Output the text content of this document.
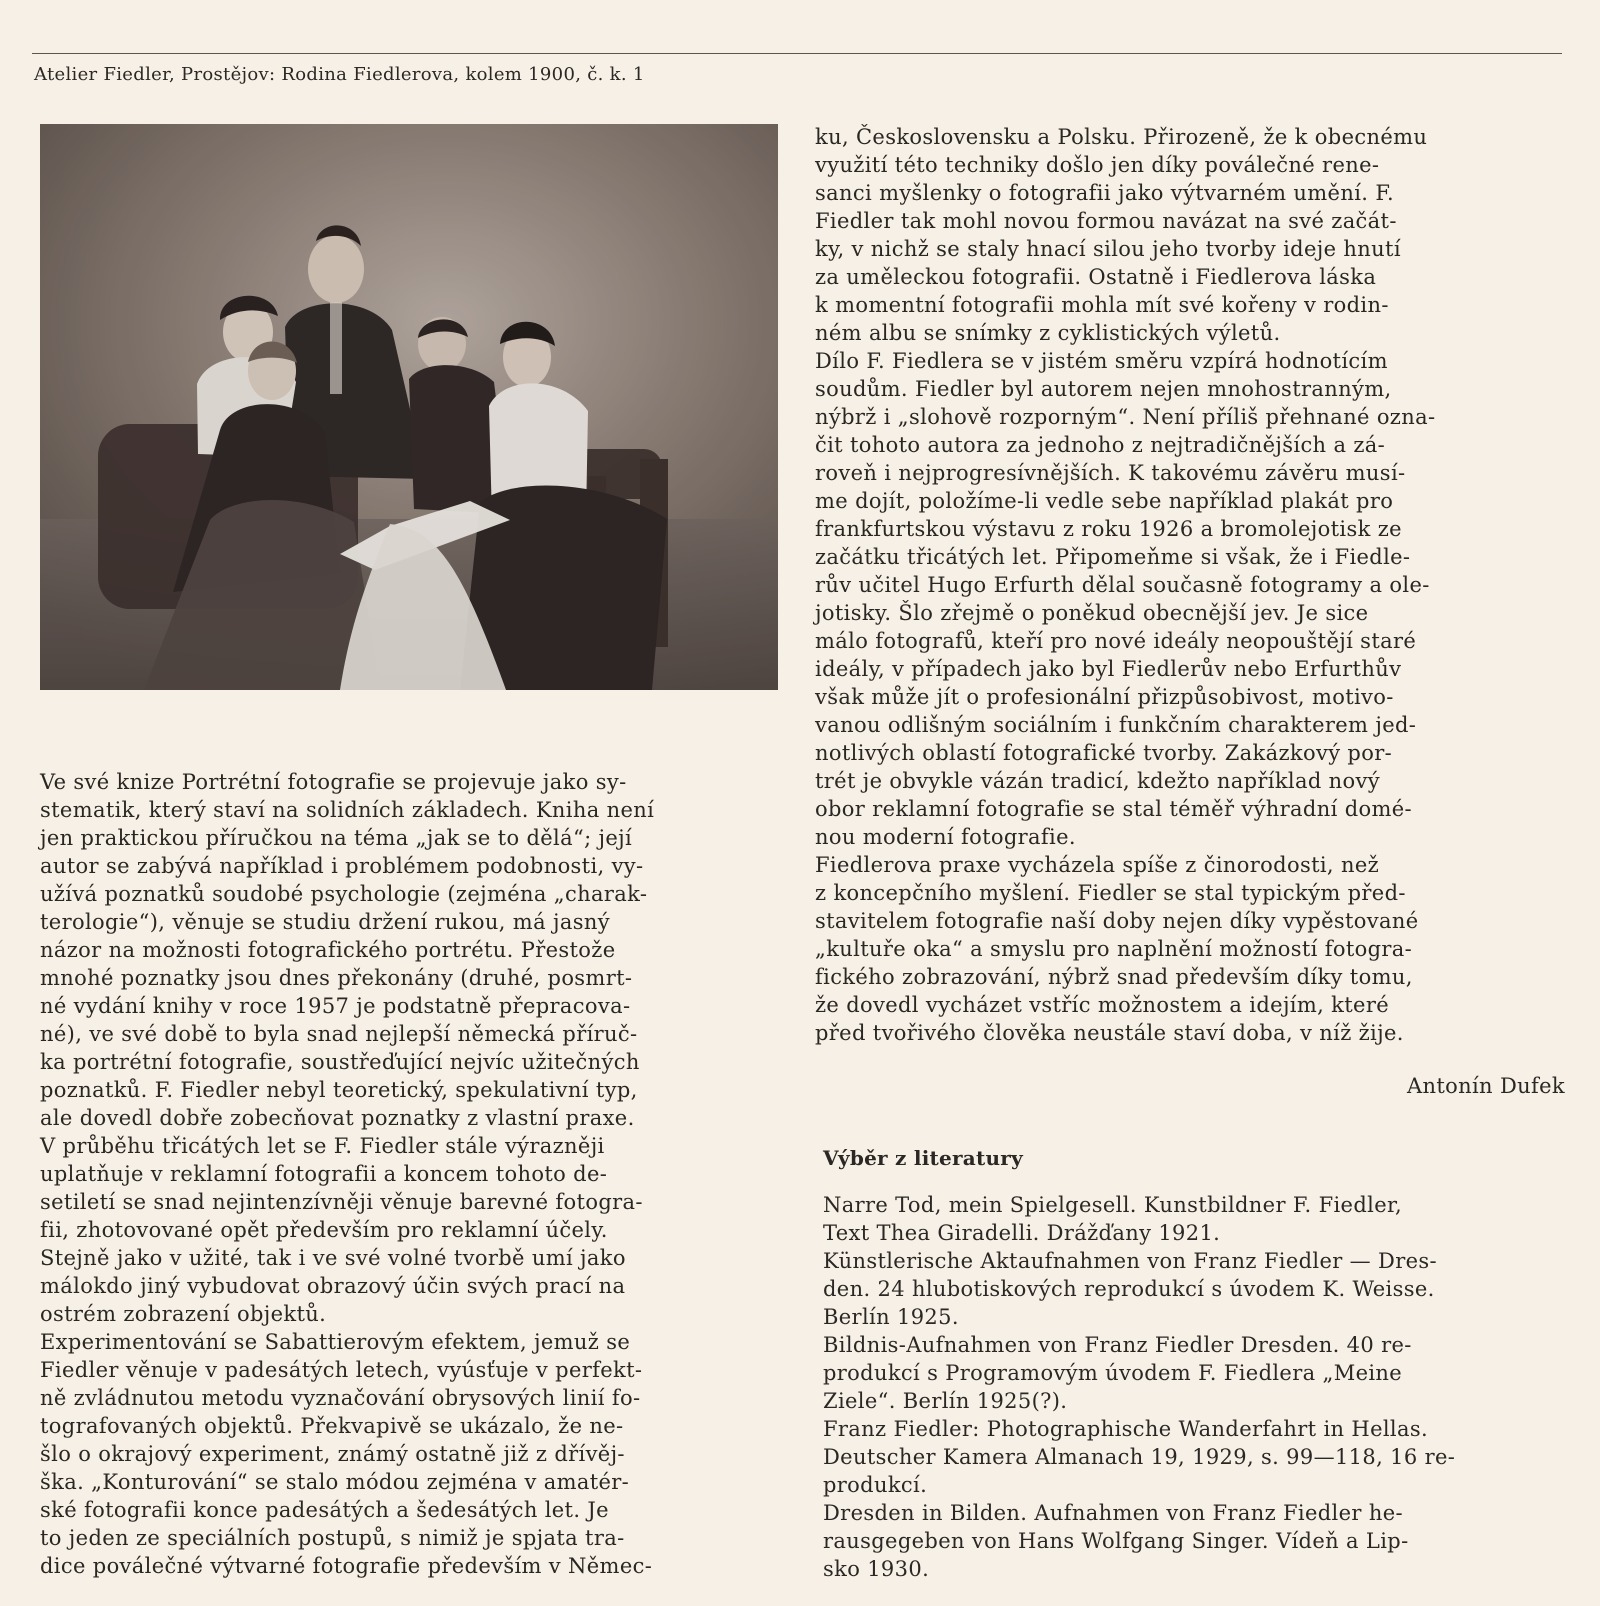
Atelier Fiedler, Prostějov: Rodina Fiedlerova, kolem 1900, č. k. 1

Ve své knize Portrétní fotografie se projevuje jako sy-
stematik, který staví na solidních základech. Kniha není
jen praktickou příručkou na téma „jak se to dělá“; její
autor se zabývá například i problémem podobnosti, vy-
užívá poznatků soudobé psychologie (zejména „charak-
terologie“), věnuje se studiu držení rukou, má jasný
názor na možnosti fotografického portrétu. Přestože
mnohé poznatky jsou dnes překonány (druhé, posmrt-
né vydání knihy v roce 1957 je podstatně přepracova-
né), ve své době to byla snad nejlepší německá příruč-
ka portrétní fotografie, soustřeďující nejvíc užitečných
poznatků. F. Fiedler nebyl teoretický, spekulativní typ,
ale dovedl dobře zobecňovat poznatky z vlastní praxe.
V průběhu třicátých let se F. Fiedler stále výrazněji
uplatňuje v reklamní fotografii a koncem tohoto de-
setiletí se snad nejintenzívněji věnuje barevné fotogra-
fii, zhotovované opět především pro reklamní účely.
Stejně jako v užité, tak i ve své volné tvorbě umí jako
málokdo jiný vybudovat obrazový účin svých prací na
ostrém zobrazení objektů.

Experimentování se Sabattierovým efektem, jemuž se
Fiedler věnuje v padesátých letech, vyúsťuje v perfekt-
ně zvládnutou metodu vyznačování obrysových linií fo-
tografovaných objektů. Překvapivě se ukázalo, že ne-
šlo o okrajový experiment, známý ostatně již z dřívěj-
ška. „Konturování“ se stalo módou zejména v amatér-
ské fotografii konce padesátých a šedesátých let. Je
to jeden ze speciálních postupů, s nimiž je spjata tra-
dice poválečné výtvarné fotografie především v Němec-

ku, Československu a Polsku. Přirozeně, že k obecnému
využití této techniky došlo jen díky poválečné rene-
sanci myšlenky o fotografii jako výtvarném umění. F.
Fiedler tak mohl novou formou navázat na své začát-
ky, v nichž se staly hnací silou jeho tvorby ideje hnutí
za uměleckou fotografii. Ostatně i Fiedlerova láska
k momentní fotografii mohla mít své kořeny v rodin-
ném albu se snímky z cyklistických výletů.

Dílo F. Fiedlera se v jistém směru vzpírá hodnotícím
soudům. Fiedler byl autorem nejen mnohostranným,
nýbrž i „slohově rozporným“. Není příliš přehnané ozna-
čit tohoto autora za jednoho z nejtradičnějších a zá-
roveň i nejprogresívnějších. K takovému závěru musí-
me dojít, položíme-li vedle sebe například plakát pro
frankfurtskou výstavu z roku 1926 a bromolejotisk ze
začátku třicátých let. Připomeňme si však, že i Fiedle-
rův učitel Hugo Erfurth dělal současně fotogramy a ole-
jotisky. Šlo zřejmě o poněkud obecnější jev. Je sice
málo fotografů, kteří pro nové ideály neopouštějí staré
ideály, v případech jako byl Fiedlerův nebo Erfurthův
však může jít o profesionální přizpůsobivost, motivo-
vanou odlišným sociálním i funkčním charakterem jed-
notlivých oblastí fotografické tvorby. Zakázkový por-
trét je obvykle vázán tradicí, kdežto například nový
obor reklamní fotografie se stal téměř výhradní domé-
nou moderní fotografie.

Fiedlerova praxe vycházela spíše z činorodosti, než
z koncepčního myšlení. Fiedler se stal typickým před-
stavitelem fotografie naší doby nejen díky vypěstované
„kultuře oka“ a smyslu pro naplnění možností fotogra-
fického zobrazování, nýbrž snad především díky tomu,
že dovedl vycházet vstříc možnostem a idejím, které
před tvořivého člověka neustále staví doba, v níž žije.

Antonín Dufek
Výběr z literatury

Narre Tod, mein Spielgesell. Kunstbildner F. Fiedler,
Text Thea Giradelli. Drážďany 1921.

Künstlerische Aktaufnahmen von Franz Fiedler — Dres-
den. 24 hlubotiskových reprodukcí s úvodem K. Weisse.
Berlín 1925.

Bildnis-Aufnahmen von Franz Fiedler Dresden. 40 re-
produkcí s Programovým úvodem F. Fiedlera „Meine
Ziele“. Berlín 1925(?).

Franz Fiedler: Photographische Wanderfahrt in Hellas.
Deutscher Kamera Almanach 19, 1929, s. 99—118, 16 re-
produkcí.

Dresden in Bilden. Aufnahmen von Franz Fiedler he-
rausgegeben von Hans Wolfgang Singer. Vídeň a Lip-
sko 1930.
